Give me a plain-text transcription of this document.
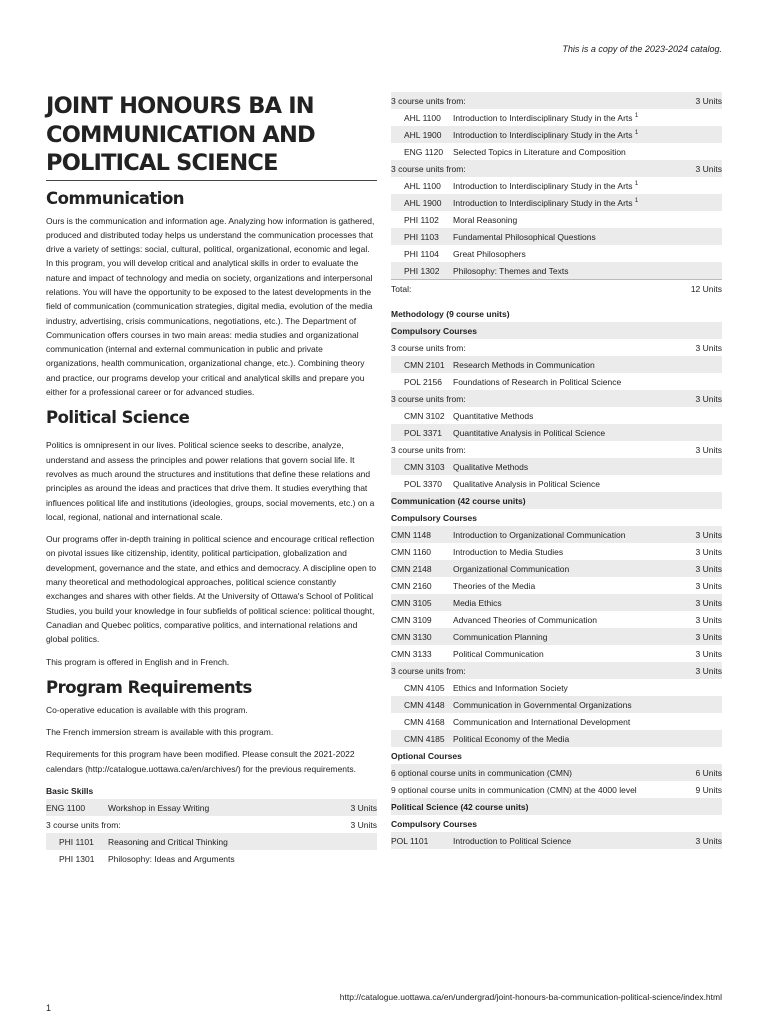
This is a copy of the 2023-2024 catalog.
JOINT HONOURS BA IN COMMUNICATION AND POLITICAL SCIENCE
Communication

Ours is the communication and information age. Analyzing how information is gathered, produced and distributed today helps us understand the communication processes that drive a variety of settings: social, cultural, political, organizational, economic and legal. In this program, you will develop critical and analytical skills in order to evaluate the nature and impact of technology and media on society, organizations and interpersonal relations. You will have the opportunity to be exposed to the latest developments in the field of communication (communication strategies, digital media, evolution of the media industry, advertising, crisis communications, negotiations, etc.). The Department of Communication offers courses in two main areas: media studies and organizational communication (internal and external communication in public and private organizations, health communication, organizational change, etc.). Combining theory and practice, our programs develop your critical and analytical skills and prepare you either for a professional career or for advanced studies.

Political Science

Politics is omnipresent in our lives. Political science seeks to describe, analyze, understand and assess the principles and power relations that govern social life. It revolves as much around the structures and institutions that define these relations and principles as around the ideas and practices that drive them. It studies everything that influences political life and institutions (ideologies, groups, social movements, etc.) on a local, regional, national and international scale.

Our programs offer in-depth training in political science and encourage critical reflection on pivotal issues like citizenship, identity, political participation, globalization and development, governance and the state, and ethics and democracy. A discipline open to many theoretical and methodological approaches, political science constantly exchanges and shares with other fields. At the University of Ottawa's School of Political Studies, you build your knowledge in four subfields of political science: political thought, Canadian and Quebec politics, comparative politics, and international relations and global politics.

This program is offered in English and in French.

Program Requirements

Co-operative education is available with this program.

The French immersion stream is available with this program.

Requirements for this program have been modified. Please consult the 2021-2022 calendars (http://catalogue.uottawa.ca/en/archives/) for the previous requirements.

Basic Skills		
ENG 1100	Workshop in Essay Writing	3 Units
3 course units from:		3 Units
PHI 1101	Reasoning and Critical Thinking	
PHI 1301	Philosophy: Ideas and Arguments	
3 course units from:		3 Units
AHL 1100	Introduction to Interdisciplinary Study in the Arts $^1$	
AHL 1900	Introduction to Interdisciplinary Study in the Arts $^1$	
ENG 1120	Selected Topics in Literature and Composition	
3 course units from:		3 Units
AHL 1100	Introduction to Interdisciplinary Study in the Arts $^1$	
AHL 1900	Introduction to Interdisciplinary Study in the Arts $^1$	
PHI 1102	Moral Reasoning	
PHI 1103	Fundamental Philosophical Questions	
PHI 1104	Great Philosophers	
PHI 1302	Philosophy: Themes and Texts	
Total:		12 Units

Methodology (9 course units)		
Compulsory Courses		
3 course units from:		3 Units
CMN 2101	Research Methods in Communication	
POL 2156	Foundations of Research in Political Science	
3 course units from:		3 Units
CMN 3102	Quantitative Methods	
POL 3371	Quantitative Analysis in Political Science	
3 course units from:		3 Units
CMN 3103	Qualitative Methods	
POL 3370	Qualitative Analysis in Political Science	
Communication (42 course units)		
Compulsory Courses		
CMN 1148	Introduction to Organizational Communication	3 Units
CMN 1160	Introduction to Media Studies	3 Units
CMN 2148	Organizational Communication	3 Units
CMN 2160	Theories of the Media	3 Units
CMN 3105	Media Ethics	3 Units
CMN 3109	Advanced Theories of Communication	3 Units
CMN 3130	Communication Planning	3 Units
CMN 3133	Political Communication	3 Units
3 course units from:		3 Units
CMN 4105	Ethics and Information Society	
CMN 4148	Communication in Governmental Organizations	
CMN 4168	Communication and International Development	
CMN 4185	Political Economy of the Media	
Optional Courses		
6 optional course units in communication (CMN)		6 Units
9 optional course units in communication (CMN) at the 4000 level		9 Units
Political Science (42 course units)		
Compulsory Courses		
POL 1101	Introduction to Political Science	3 Units
http://catalogue.uottawa.ca/en/undergrad/joint-honours-ba-communication-political-science/index.html
1
